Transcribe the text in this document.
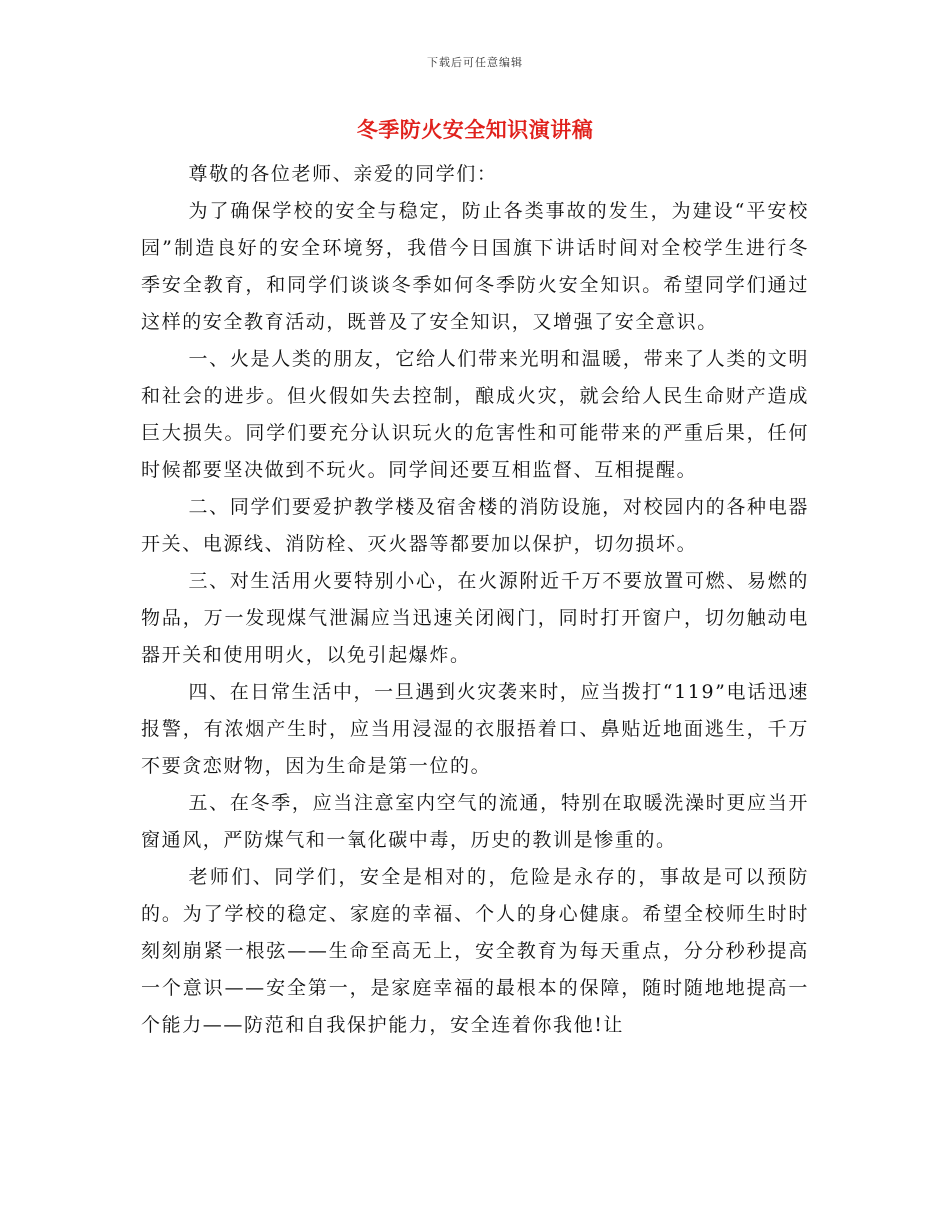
下载后可任意编辑
冬季防火安全知识演讲稿

尊敬的各位老师、亲爱的同学们：

为了确保学校的安全与稳定，防止各类事故的发生，为建设“平安校园”制造良好的安全环境努，我借今日国旗下讲话时间对全校学生进行冬季安全教育，和同学们谈谈冬季如何冬季防火安全知识。希望同学们通过这样的安全教育活动，既普及了安全知识，又增强了安全意识。

一、火是人类的朋友，它给人们带来光明和温暖，带来了人类的文明和社会的进步。但火假如失去控制，酿成火灾，就会给人民生命财产造成巨大损失。同学们要充分认识玩火的危害性和可能带来的严重后果，任何时候都要坚决做到不玩火。同学间还要互相监督、互相提醒。

二、同学们要爱护教学楼及宿舍楼的消防设施，对校园内的各种电器开关、电源线、消防栓、灭火器等都要加以保护，切勿损坏。

三、对生活用火要特别小心，在火源附近千万不要放置可燃、易燃的物品，万一发现煤气泄漏应当迅速关闭阀门，同时打开窗户，切勿触动电器开关和使用明火，以免引起爆炸。

四、在日常生活中，一旦遇到火灾袭来时，应当拨打“119”电话迅速报警，有浓烟产生时，应当用浸湿的衣服捂着口、鼻贴近地面逃生，千万不要贪恋财物，因为生命是第一位的。

五、在冬季，应当注意室内空气的流通，特别在取暖洗澡时更应当开窗通风，严防煤气和一氧化碳中毒，历史的教训是惨重的。

老师们、同学们，安全是相对的，危险是永存的，事故是可以预防的。为了学校的稳定、家庭的幸福、个人的身心健康。希望全校师生时时刻刻崩紧一根弦——生命至高无上，安全教育为每天重点，分分秒秒提高一个意识——安全第一，是家庭幸福的最根本的保障，随时随地地提高一个能力——防范和自我保护能力，安全连着你我他!让
